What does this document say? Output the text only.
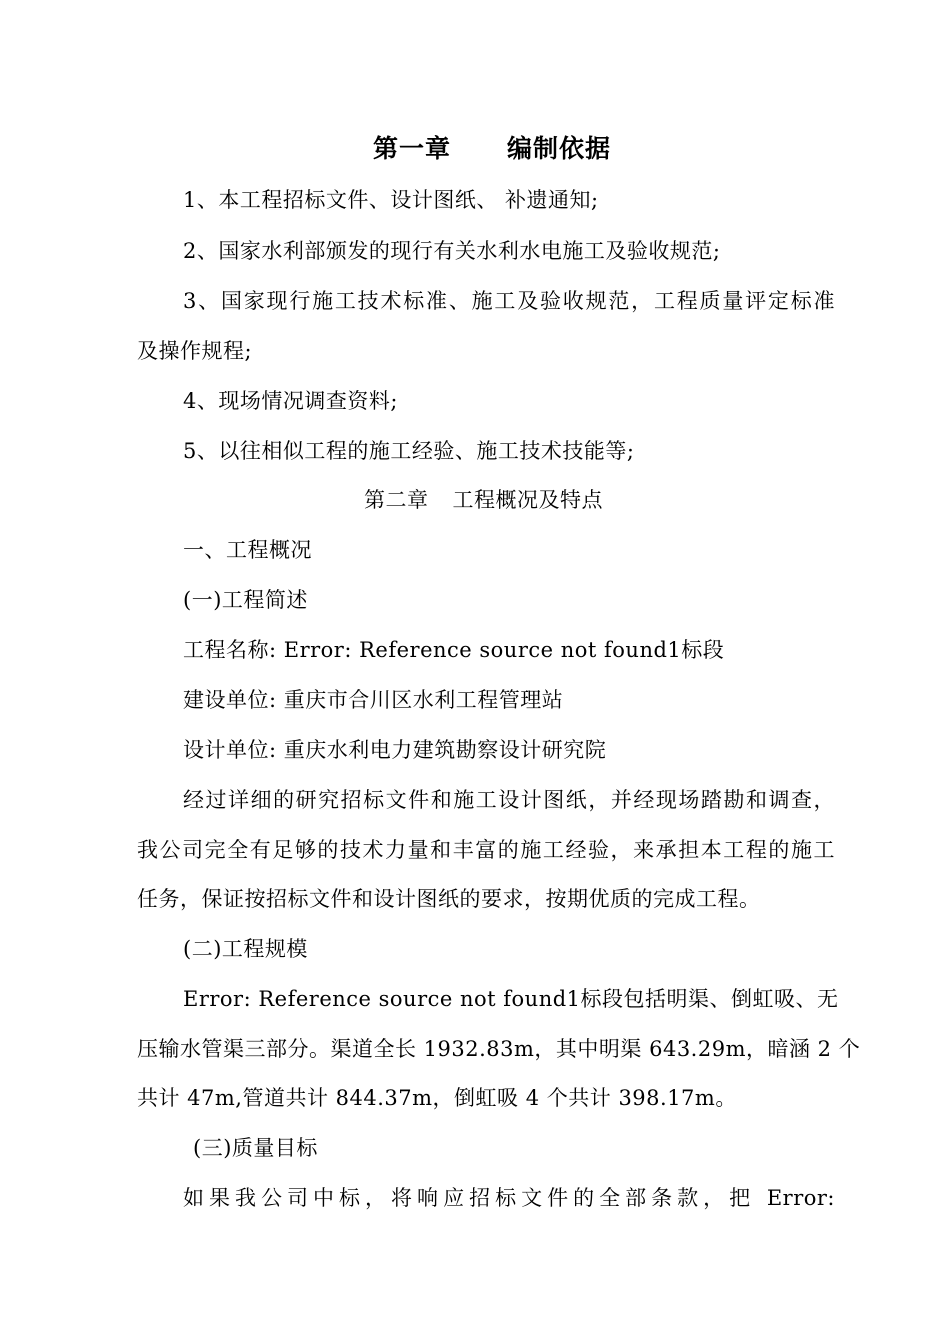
第一章 编制依据
1、本工程招标文件、设计图纸、 补遗通知;
2、国家水利部颁发的现行有关水利水电施工及验收规范;
3、国家现行施工技术标准、施工及验收规范，工程质量评定标准
及操作规程;
4、现场情况调查资料;
5、以往相似工程的施工经验、施工技术技能等;
第二章 工程概况及特点
一、工程概况
(一)工程简述
工程名称: Error: Reference source not found1标段
建设单位: 重庆市合川区水利工程管理站
设计单位: 重庆水利电力建筑勘察设计研究院
经过详细的研究招标文件和施工设计图纸，并经现场踏勘和调查，
我公司完全有足够的技术力量和丰富的施工经验，来承担本工程的施工
任务，保证按招标文件和设计图纸的要求，按期优质的完成工程。
(二)工程规模
Error: Reference source not found1标段包括明渠、倒虹吸、无
压输水管渠三部分。渠道全长 1932.83m，其中明渠 643.29m，暗涵 2 个
共计 47m,管道共计 844.37m，倒虹吸 4 个共计 398.17m。
(三)质量目标
如果我公司中标，将响应招标文件的全部条款，把 Error:
